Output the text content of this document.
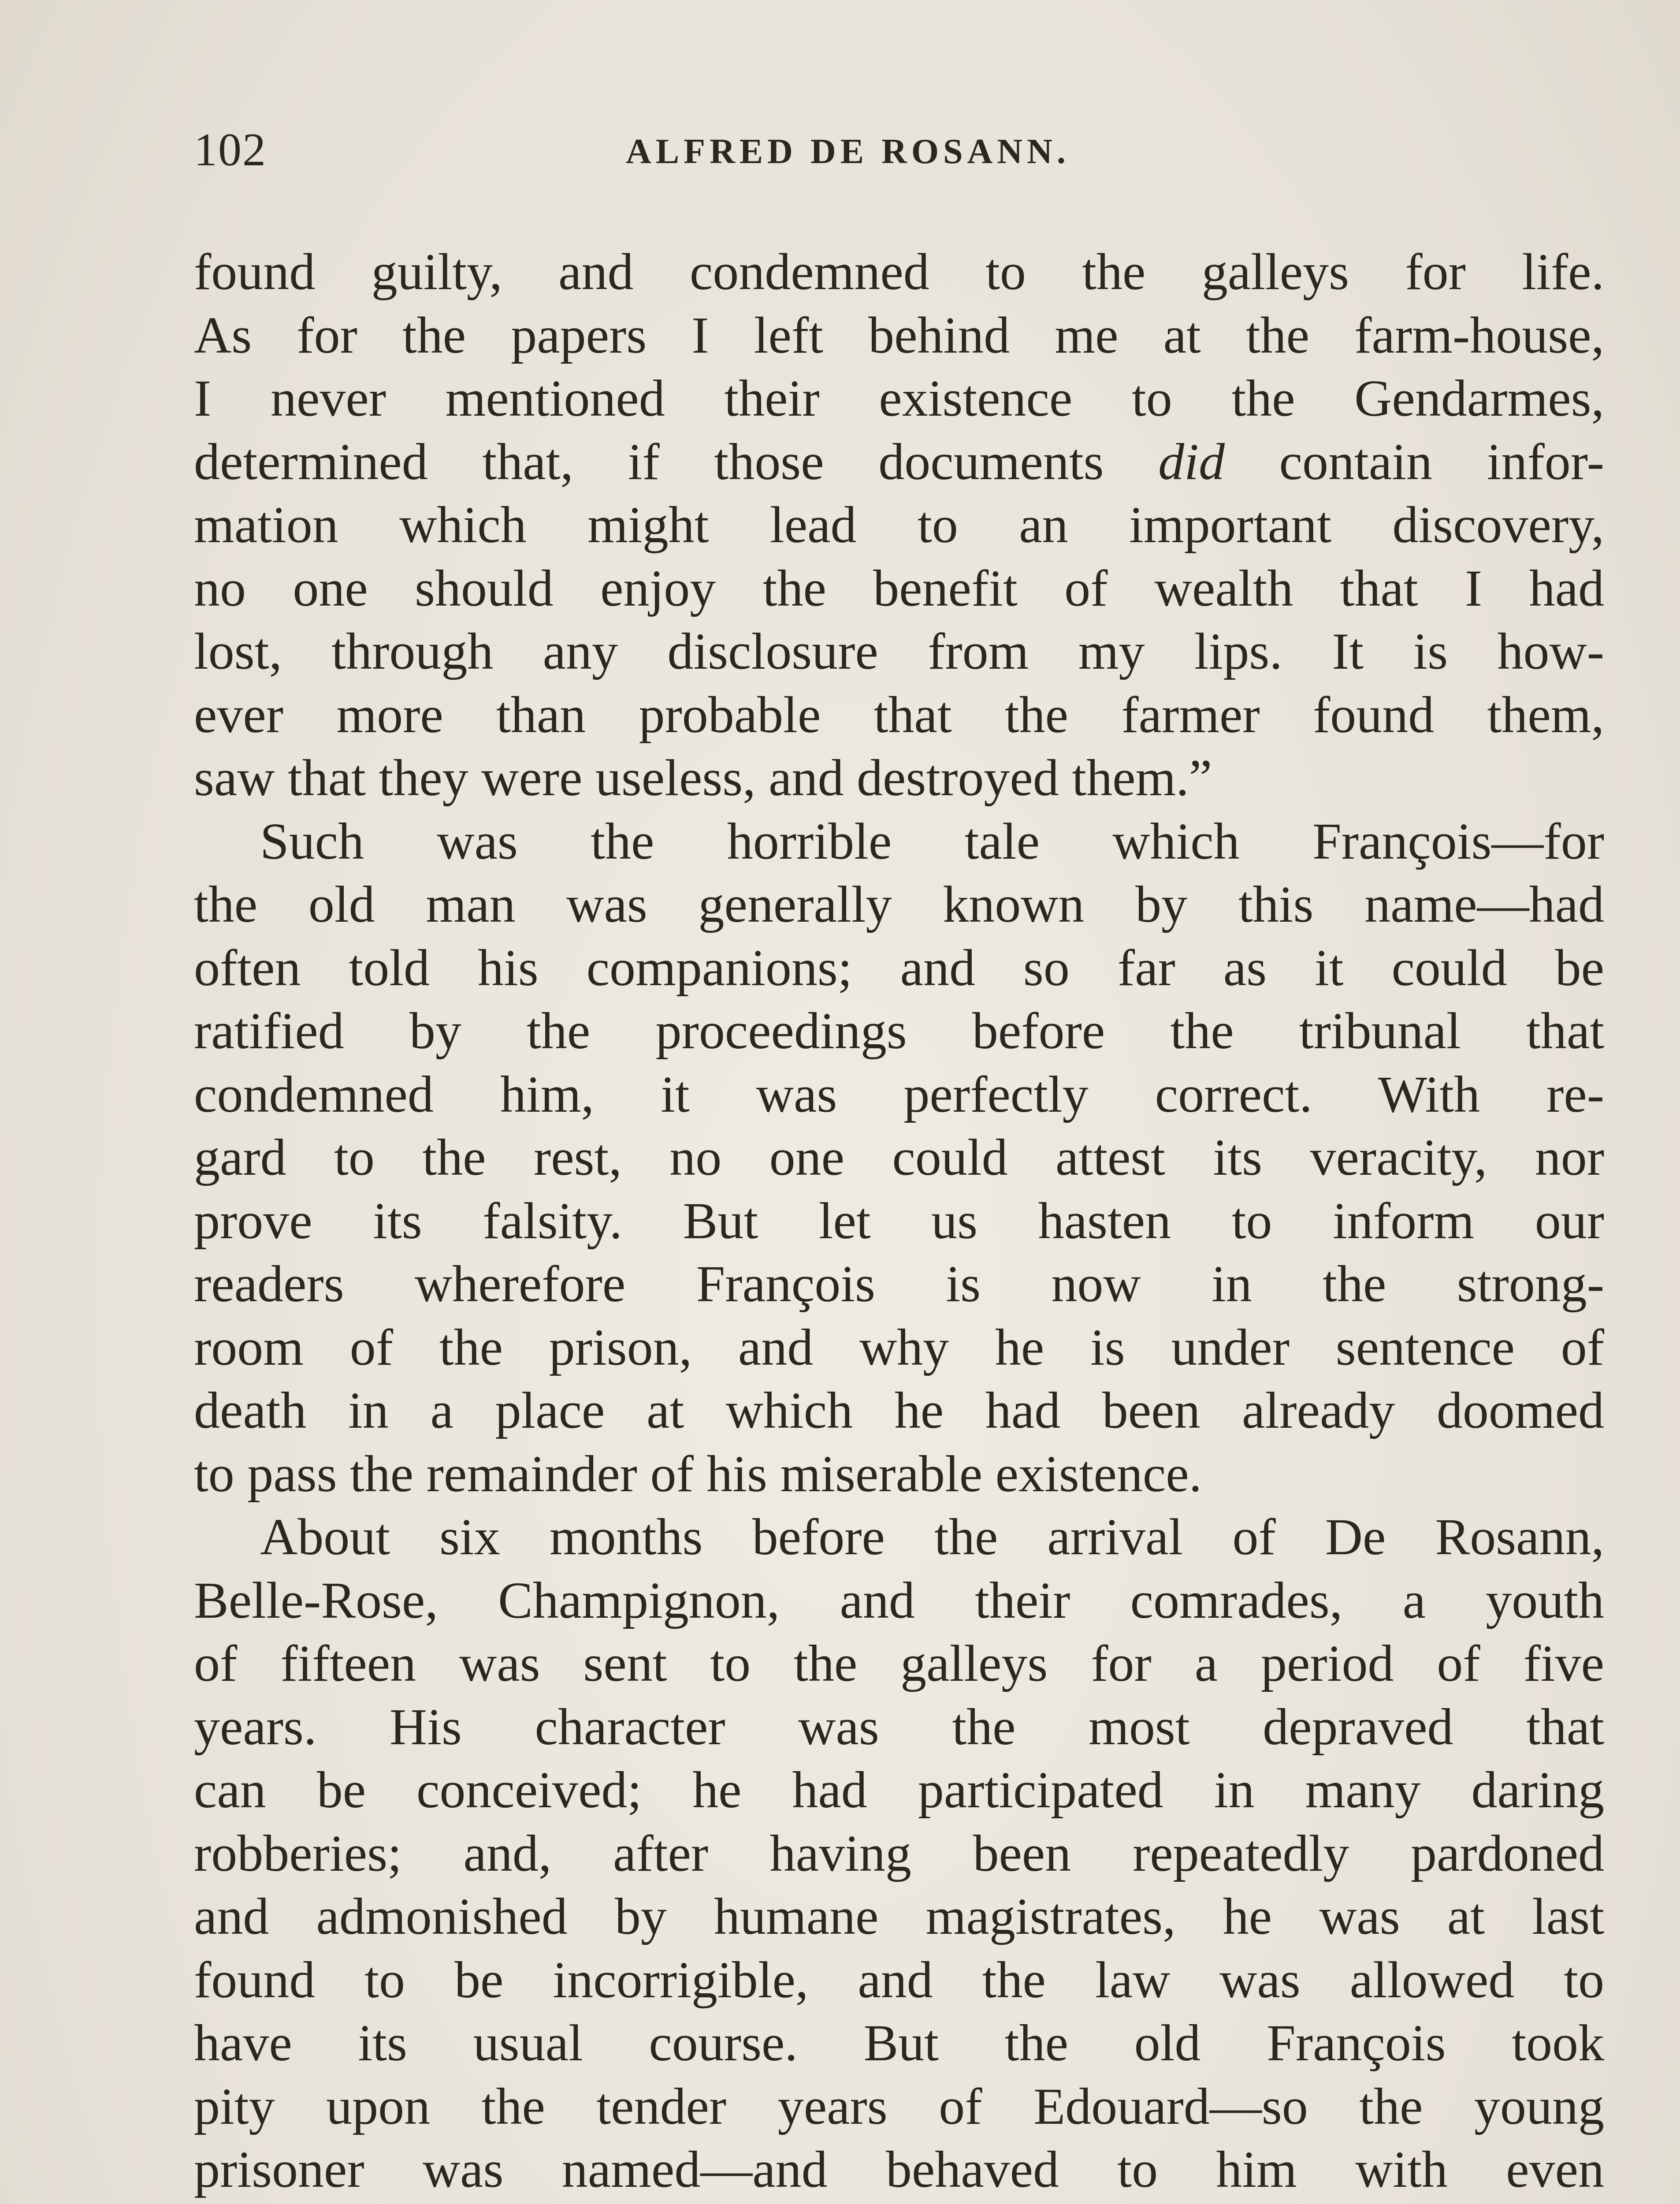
102	ALFRED DE ROSANN.
found guilty, and condemned to the galleys for life.
As for the papers I left behind me at the farm-house,
I never mentioned their existence to the Gendarmes,
determined that, if those documents did contain infor-
mation which might lead to an important discovery,
no one should enjoy the benefit of wealth that I had
lost, through any disclosure from my lips. It is how-
ever more than probable that the farmer found them,
saw that they were useless, and destroyed them.”
Such was the horrible tale which François—for
the old man was generally known by this name—had
often told his companions; and so far as it could be
ratified by the proceedings before the tribunal that
condemned him, it was perfectly correct. With re-
gard to the rest, no one could attest its veracity, nor
prove its falsity. But let us hasten to inform our
readers wherefore François is now in the strong-
room of the prison, and why he is under sentence of
death in a place at which he had been already doomed
to pass the remainder of his miserable existence.
About six months before the arrival of De Rosann,
Belle-Rose, Champignon, and their comrades, a youth
of fifteen was sent to the galleys for a period of five
years. His character was the most depraved that
can be conceived; he had participated in many daring
robberies; and, after having been repeatedly pardoned
and admonished by humane magistrates, he was at last
found to be incorrigible, and the law was allowed to
have its usual course. But the old François took
pity upon the tender years of Edouard—so the young
prisoner was named—and behaved to him with even
